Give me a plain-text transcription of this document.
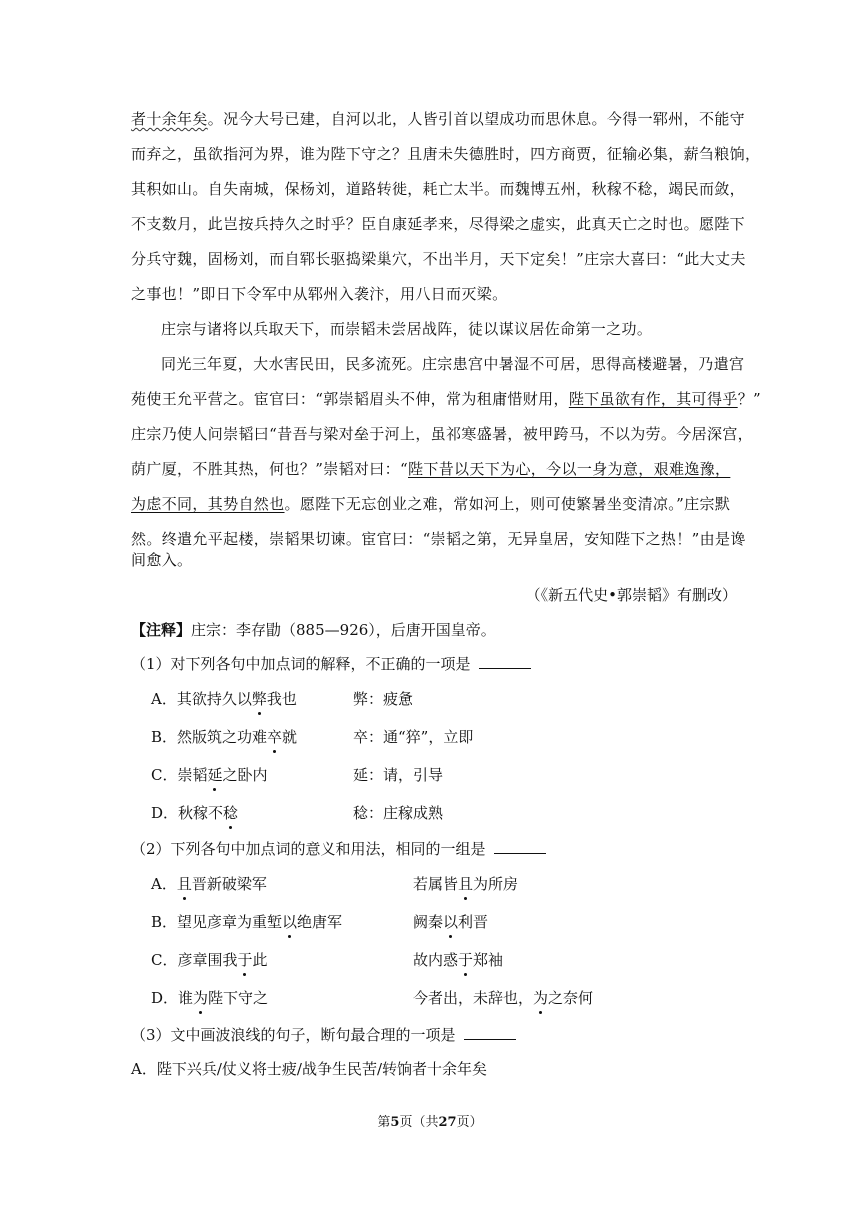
者十余年矣。况今大号已建，自河以北，人皆引首以望成功而思休息。今得一郓州，不能守
而弃之，虽欲指河为界，谁为陛下守之？且唐未失德胜时，四方商贾，征输必集，薪刍粮饷，
其积如山。自失南城，保杨刘，道路转徙，耗亡太半。而魏博五州，秋稼不稔，竭民而敛，
不支数月，此岂按兵持久之时乎？臣自康延孝来，尽得梁之虚实，此真天亡之时也。愿陛下
分兵守魏，固杨刘，而自郓长驱捣梁巢穴，不出半月，天下定矣！”庄宗大喜曰：“此大丈夫
之事也！”即日下令军中从郓州入袭汴，用八日而灭梁。
庄宗与诸将以兵取天下，而崇韬未尝居战阵，徒以谋议居佐命第一之功。
同光三年夏，大水害民田，民多流死。庄宗患宫中暑湿不可居，思得高楼避暑，乃遣宫
苑使王允平营之。宦官曰：“郭崇韬眉头不伸，常为租庸惜财用，陛下虽欲有作，其可得乎？”
庄宗乃使人问崇韬曰“昔吾与梁对垒于河上，虽祁寒盛暑，被甲跨马，不以为劳。今居深宫，
荫广厦，不胜其热，何也？”崇韬对曰：“陛下昔以天下为心，今以一身为意，艰难逸豫，
为虑不同，其势自然也。愿陛下无忘创业之难，常如河上，则可使繁暑坐变清凉。”庄宗默
然。终遣允平起楼，崇韬果切谏。宦官曰：“崇韬之第，无异皇居，安知陛下之热！”由是谗
间愈入。
（《新五代史•郭崇韬》有删改）
【注释】庄宗：李存勖（885—926），后唐开国皇帝。
（1）对下列各句中加点词的解释，不正确的一项是
A．其欲持久以弊我也	弊：疲惫
B．然版筑之功难卒就	卒：通“猝”，立即
C．崇韬延之卧内	延：请，引导
D．秋稼不稔	稔：庄稼成熟
（2）下列各句中加点词的意义和用法，相同的一组是
A．且晋新破梁军	若属皆且为所房
B．望见彦章为重堑以绝唐军	阙秦以利晋
C．彦章围我于此	故内惑于郑袖
D．谁为陛下守之	今者出，未辞也，为之奈何
（3）文中画波浪线的句子，断句最合理的一项是
A．陛下兴兵/仗义将士疲/战争生民苦/转饷者十余年矣
第5页（共27页）
